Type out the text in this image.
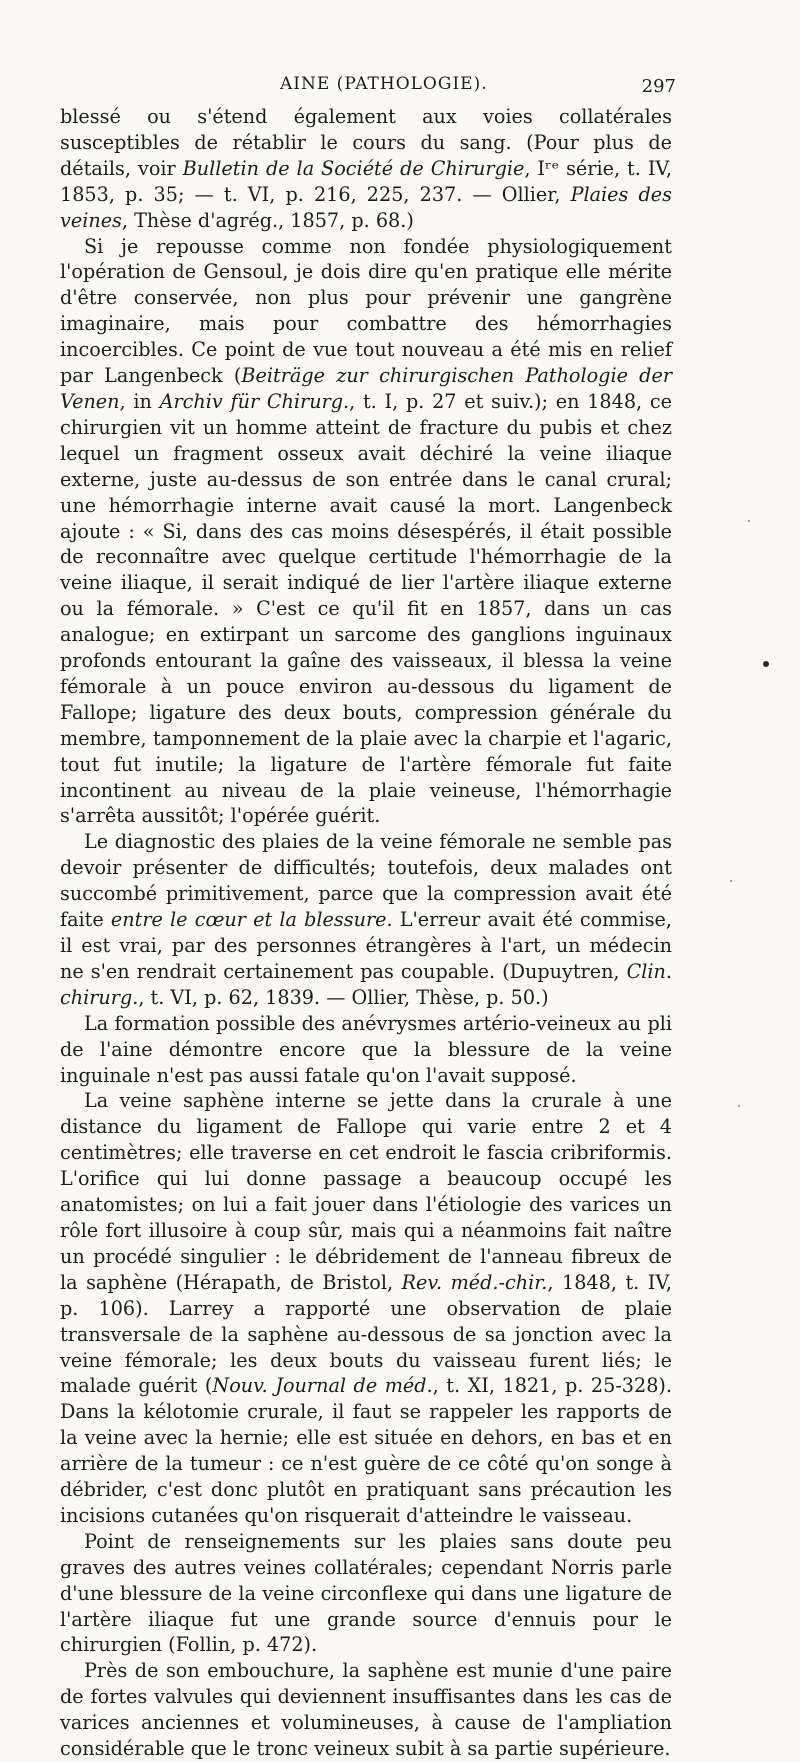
AINE (PATHOLOGIE).	297

blessé ou s'étend également aux voies collatérales susceptibles de rétablir le cours du sang. (Pour plus de détails, voir Bulletin de la Société de Chirurgie, Iʳᵉ série, t. IV, 1853, p. 35; — t. VI, p. 216, 225, 237. — Ollier, Plaies des veines, Thèse d'agrég., 1857, p. 68.)

Si je repousse comme non fondée physiologiquement l'opération de Gensoul, je dois dire qu'en pratique elle mérite d'être conservée, non plus pour prévenir une gangrène imaginaire, mais pour combattre des hémorrhagies incoercibles. Ce point de vue tout nouveau a été mis en relief par Langenbeck (Beiträge zur chirurgischen Pathologie der Venen, in Archiv für Chirurg., t. I, p. 27 et suiv.); en 1848, ce chirurgien vit un homme atteint de fracture du pubis et chez lequel un fragment osseux avait déchiré la veine iliaque externe, juste au-dessus de son entrée dans le canal crural; une hémorrhagie interne avait causé la mort. Langenbeck ajoute : « Si, dans des cas moins désespérés, il était possible de reconnaître avec quelque certitude l'hémorrhagie de la veine iliaque, il serait indiqué de lier l'artère iliaque externe ou la fémorale. » C'est ce qu'il fit en 1857, dans un cas analogue; en extirpant un sarcome des ganglions inguinaux profonds entourant la gaîne des vaisseaux, il blessa la veine fémorale à un pouce environ au-dessous du ligament de Fallope; ligature des deux bouts, compression générale du membre, tamponnement de la plaie avec la charpie et l'agaric, tout fut inutile; la ligature de l'artère fémorale fut faite incontinent au niveau de la plaie veineuse, l'hémorrhagie s'arrêta aussitôt; l'opérée guérit.

Le diagnostic des plaies de la veine fémorale ne semble pas devoir présenter de difficultés; toutefois, deux malades ont succombé primitivement, parce que la compression avait été faite entre le cœur et la blessure. L'erreur avait été commise, il est vrai, par des personnes étrangères à l'art, un médecin ne s'en rendrait certainement pas coupable. (Dupuytren, Clin. chirurg., t. VI, p. 62, 1839. — Ollier, Thèse, p. 50.)

La formation possible des anévrysmes artério-veineux au pli de l'aine démontre encore que la blessure de la veine inguinale n'est pas aussi fatale qu'on l'avait supposé.

La veine saphène interne se jette dans la crurale à une distance du ligament de Fallope qui varie entre 2 et 4 centimètres; elle traverse en cet endroit le fascia cribriformis. L'orifice qui lui donne passage a beaucoup occupé les anatomistes; on lui a fait jouer dans l'étiologie des varices un rôle fort illusoire à coup sûr, mais qui a néanmoins fait naître un procédé singulier : le débridement de l'anneau fibreux de la saphène (Hérapath, de Bristol, Rev. méd.-chir., 1848, t. IV, p. 106). Larrey a rapporté une observation de plaie transversale de la saphène au-dessous de sa jonction avec la veine fémorale; les deux bouts du vaisseau furent liés; le malade guérit (Nouv. Journal de méd., t. XI, 1821, p. 25-328). Dans la kélotomie crurale, il faut se rappeler les rapports de la veine avec la hernie; elle est située en dehors, en bas et en arrière de la tumeur : ce n'est guère de ce côté qu'on songe à débrider, c'est donc plutôt en pratiquant sans précaution les incisions cutanées qu'on risquerait d'atteindre le vaisseau.

Point de renseignements sur les plaies sans doute peu graves des autres veines collatérales; cependant Norris parle d'une blessure de la veine circonflexe qui dans une ligature de l'artère iliaque fut une grande source d'ennuis pour le chirurgien (Follin, p. 472).

Près de son embouchure, la saphène est munie d'une paire de fortes valvules qui deviennent insuffisantes dans les cas de varices anciennes et volumineuses, à cause de l'ampliation considérable que le tronc veineux subit à sa partie supérieure.
